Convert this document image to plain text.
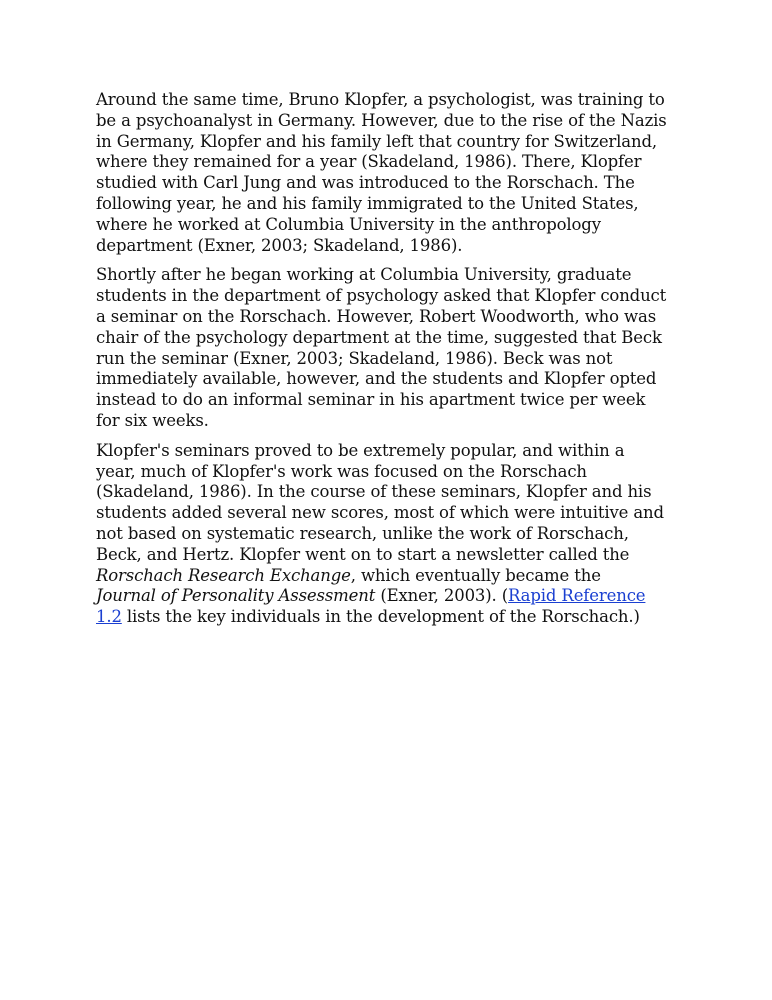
Around the same time, Bruno Klopfer, a psychologist, was training to
be a psychoanalyst in Germany. However, due to the rise of the Nazis
in Germany, Klopfer and his family left that country for Switzerland,
where they remained for a year (Skadeland, 1986). There, Klopfer
studied with Carl Jung and was introduced to the Rorschach. The
following year, he and his family immigrated to the United States,
where he worked at Columbia University in the anthropology
department (Exner, 2003; Skadeland, 1986).

Shortly after he began working at Columbia University, graduate
students in the department of psychology asked that Klopfer conduct
a seminar on the Rorschach. However, Robert Woodworth, who was
chair of the psychology department at the time, suggested that Beck
run the seminar (Exner, 2003; Skadeland, 1986). Beck was not
immediately available, however, and the students and Klopfer opted
instead to do an informal seminar in his apartment twice per week
for six weeks.

Klopfer's seminars proved to be extremely popular, and within a
year, much of Klopfer's work was focused on the Rorschach
(Skadeland, 1986). In the course of these seminars, Klopfer and his
students added several new scores, most of which were intuitive and
not based on systematic research, unlike the work of Rorschach,
Beck, and Hertz. Klopfer went on to start a newsletter called the
Rorschach Research Exchange, which eventually became the
Journal of Personality Assessment (Exner, 2003). (Rapid Reference
1.2 lists the key individuals in the development of the Rorschach.)
